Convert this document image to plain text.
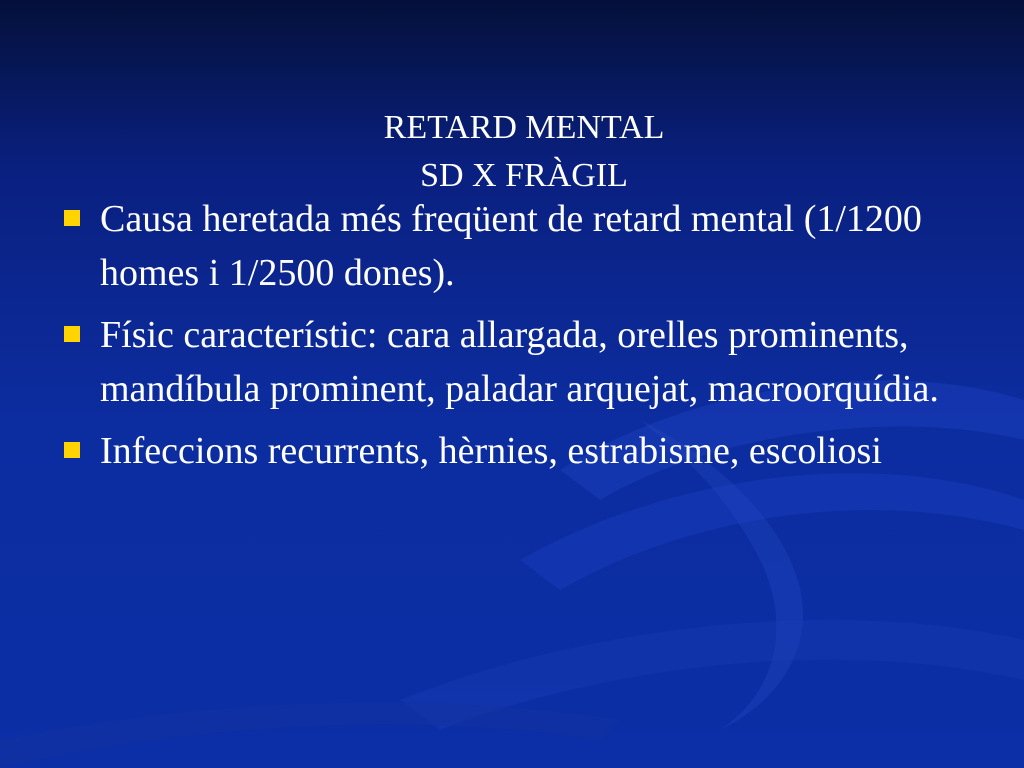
RETARD MENTAL
SD X FRÀGIL
Causa heretada més freqüent de retard mental (1/1200 homes i 1/2500 dones).
Físic característic: cara allargada, orelles prominents, mandíbula prominent, paladar arquejat, macroorquídia.
Infeccions recurrents, hèrnies, estrabisme, escoliosi
